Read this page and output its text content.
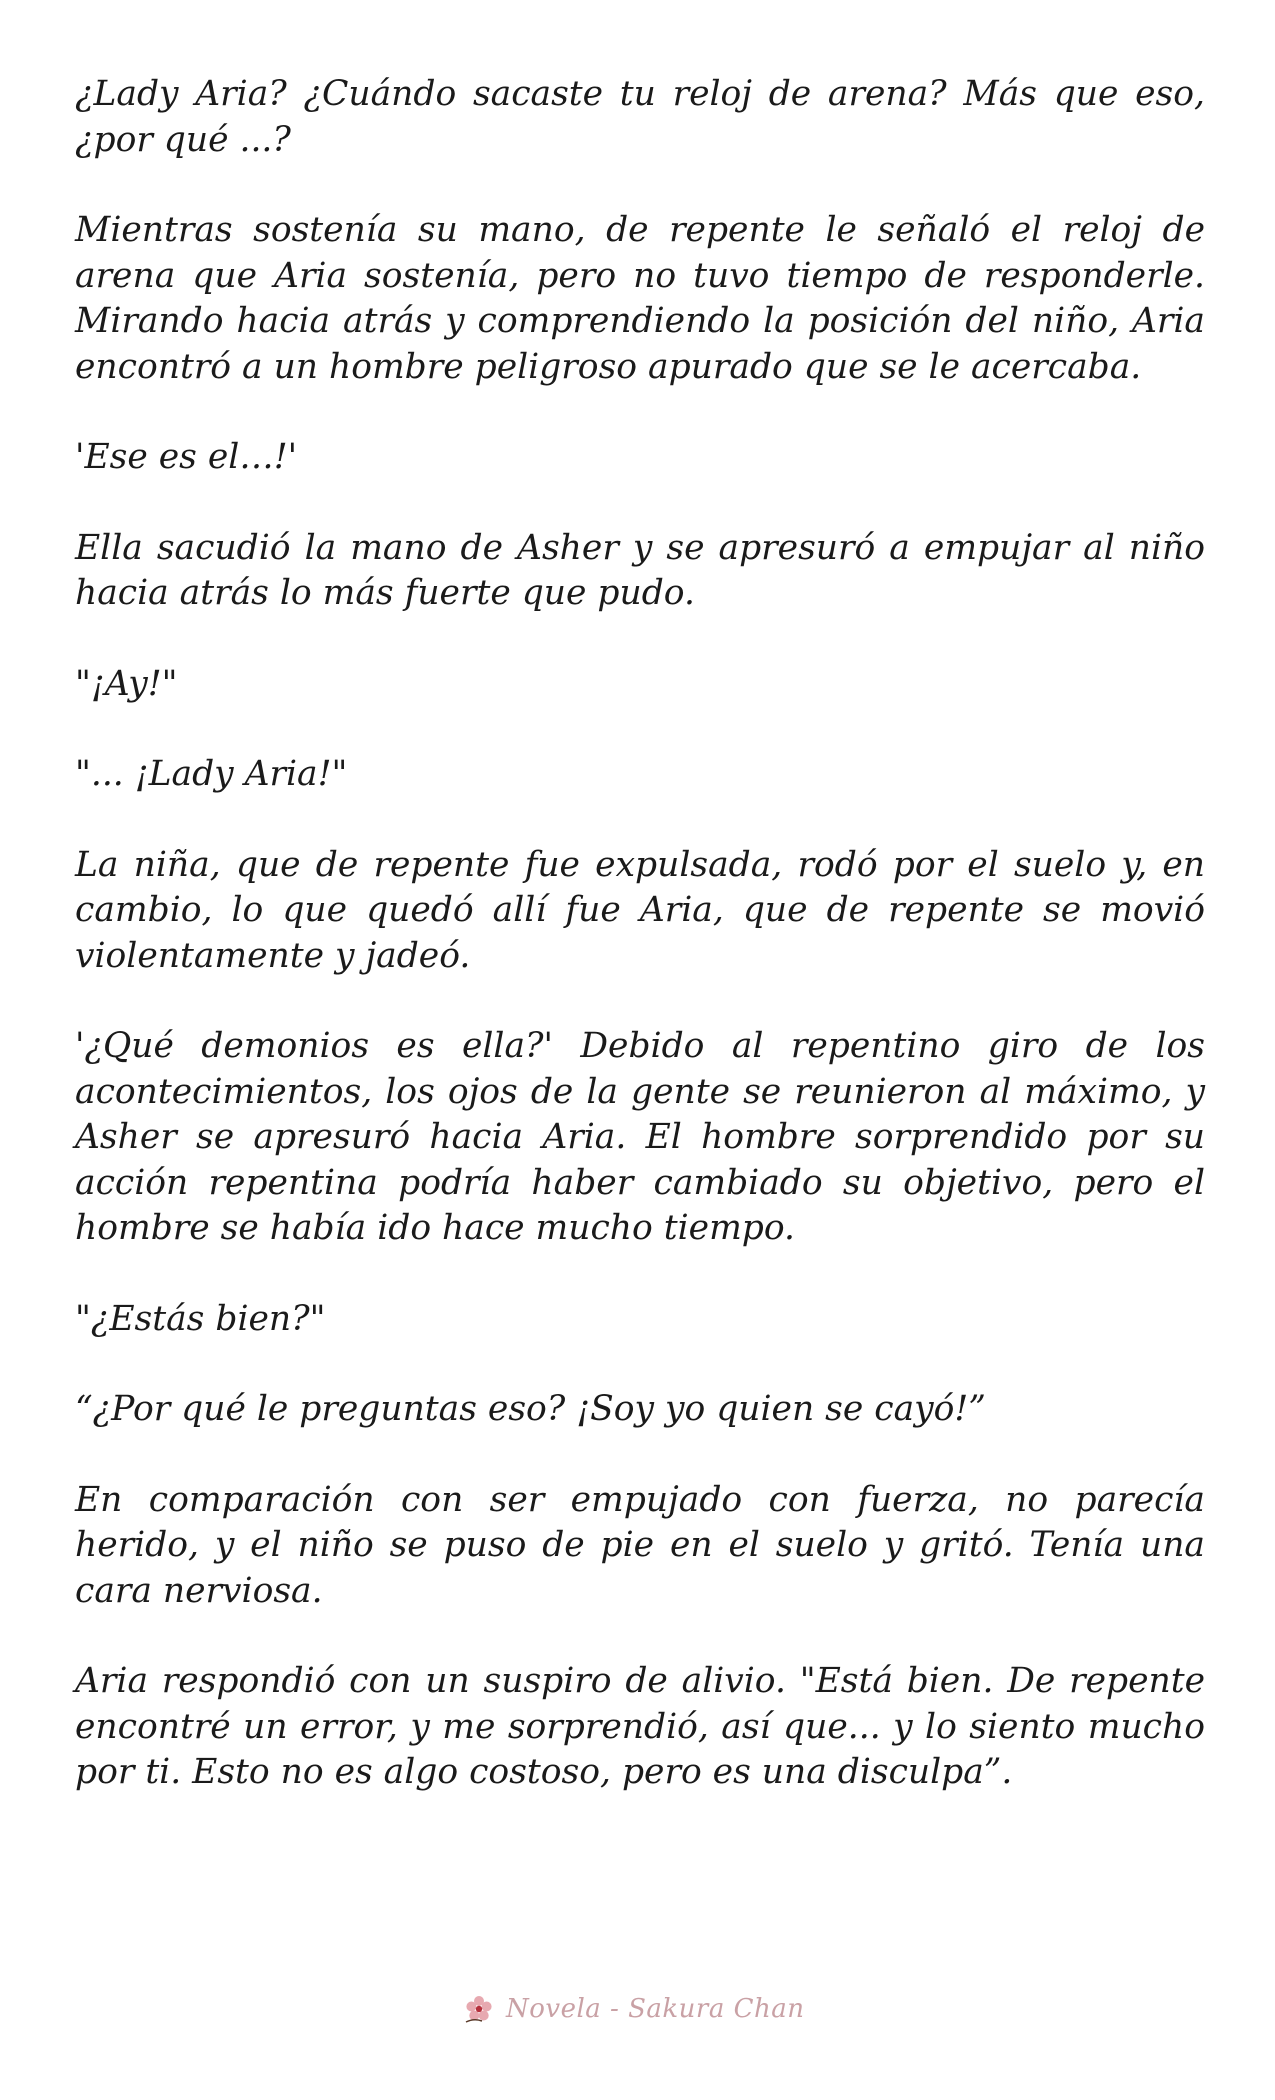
¿Lady Aria? ¿Cuándo sacaste tu reloj de arena? Más que eso, ¿por qué ...?

Mientras sostenía su mano, de repente le señaló el reloj de arena que Aria sostenía, pero no tuvo tiempo de responderle. Mirando hacia atrás y comprendiendo la posición del niño, Aria encontró a un hombre peligroso apurado que se le acercaba.

'Ese es el…!'

Ella sacudió la mano de Asher y se apresuró a empujar al niño hacia atrás lo más fuerte que pudo.

"¡Ay!"

"... ¡Lady Aria!"

La niña, que de repente fue expulsada, rodó por el suelo y, en cambio, lo que quedó allí fue Aria, que de repente se movió violentamente y jadeó.

'¿Qué demonios es ella?' Debido al repentino giro de los acontecimientos, los ojos de la gente se reunieron al máximo, y Asher se apresuró hacia Aria. El hombre sorprendido por su acción repentina podría haber cambiado su objetivo, pero el hombre se había ido hace mucho tiempo.

"¿Estás bien?"

“¿Por qué le preguntas eso? ¡Soy yo quien se cayó!”

En comparación con ser empujado con fuerza, no parecía herido, y el niño se puso de pie en el suelo y gritó. Tenía una cara nerviosa.

Aria respondió con un suspiro de alivio. "Está bien. De repente encontré un error, y me sorprendió, así que... y lo siento mucho por ti. Esto no es algo costoso, pero es una disculpa”.

Novela - Sakura Chan
